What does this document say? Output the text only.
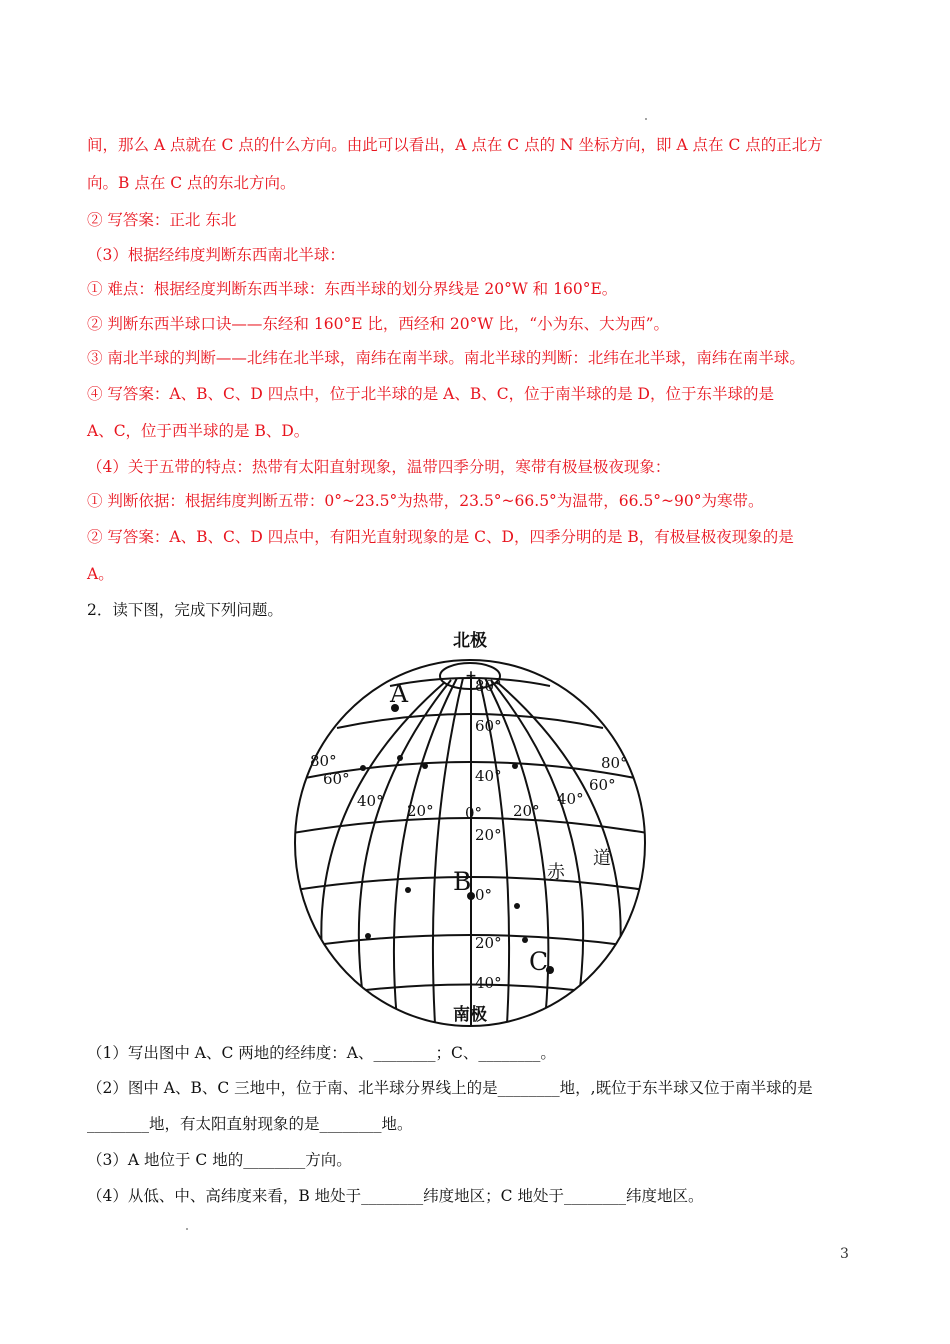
间，那么 A 点就在 C 点的什么方向。由此可以看出，A 点在 C 点的 N 坐标方向，即 A 点在 C 点的正北方
向。B 点在 C 点的东北方向。
② 写答案：正北 东北
（3）根据经纬度判断东西南北半球：
① 难点：根据经度判断东西半球：东西半球的划分界线是 20°W 和 160°E。
② 判断东西半球口诀——东经和 160°E 比，西经和 20°W 比，“小为东、大为西”。
③ 南北半球的判断——北纬在北半球，南纬在南半球。南北半球的判断：北纬在北半球，南纬在南半球。
④ 写答案：A、B、C、D 四点中，位于北半球的是 A、B、C，位于南半球的是 D，位于东半球的是
A、C，位于西半球的是 B、D。
（4）关于五带的特点：热带有太阳直射现象，温带四季分明，寒带有极昼极夜现象：
① 判断依据：根据纬度判断五带：0°~23.5°为热带，23.5°~66.5°为温带，66.5°~90°为寒带。
② 写答案：A、B、C、D 四点中，有阳光直射现象的是 C、D，四季分明的是 B，有极昼极夜现象的是
A。
2．读下图，完成下列问题。
北极
南极
+
A
B
C
赤
道
80°
60°
40°
20°
0°
20°
40°
80°
60°
40°
20° 0° 20°
40°
60°
80°
（1）写出图中 A、C 两地的经纬度：A、________；C、________。
（2）图中 A、B、C 三地中，位于南、北半球分界线上的是________地，,既位于东半球又位于南半球的是
________地，有太阳直射现象的是________地。
（3）A 地位于 C 地的________方向。
（4）从低、中、高纬度来看，B 地处于________纬度地区；C 地处于________纬度地区。
3
